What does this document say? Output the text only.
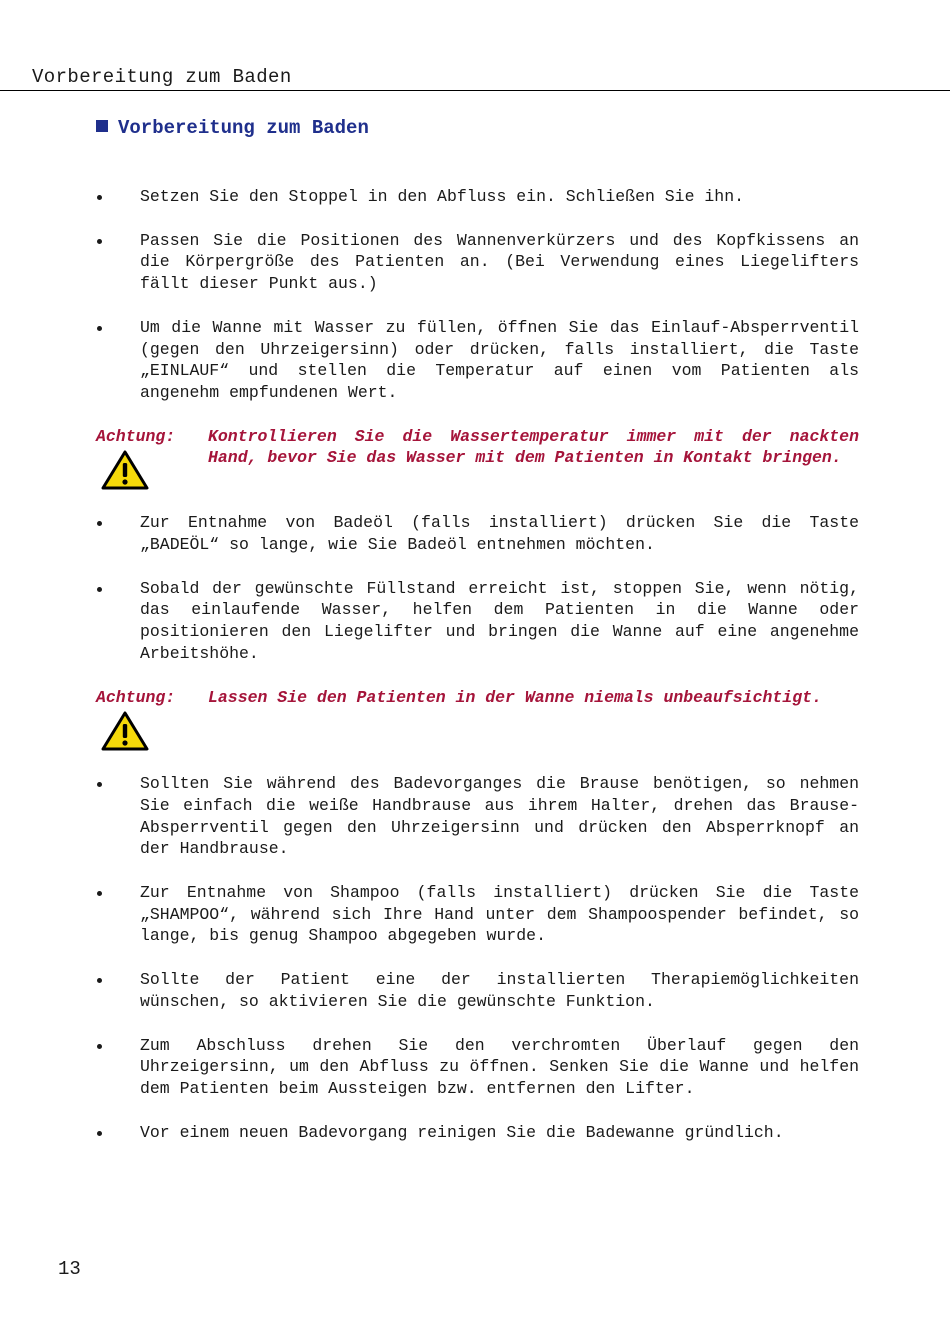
Vorbereitung zum Baden
Vorbereitung zum Baden
Setzen Sie den Stoppel in den Abfluss ein. Schließen Sie ihn.
Passen Sie die Positionen des Wannenverkürzers und des Kopfkissens an die Körpergröße des Patienten an. (Bei Verwendung eines Liegelifters fällt dieser Punkt aus.)
Um die Wanne mit Wasser zu füllen, öffnen Sie das Einlauf-Absperrventil (gegen den Uhrzeigersinn) oder drücken, falls installiert, die Taste „EINLAUF“ und stellen die Temperatur auf einen vom Patienten als angenehm empfundenen Wert.
Achtung:	Kontrollieren Sie die Wassertemperatur immer mit der nackten Hand, bevor Sie das Wasser mit dem Patienten in Kontakt bringen.
Zur Entnahme von Badeöl (falls installiert) drücken Sie die Taste „BADEÖL“ so lange, wie Sie Badeöl entnehmen möchten.
Sobald der gewünschte Füllstand erreicht ist, stoppen Sie, wenn nötig, das einlaufende Wasser, helfen dem Patienten in die Wanne oder positionieren den Liegelifter und bringen die Wanne auf eine angenehme Arbeitshöhe.
Achtung:	Lassen Sie den Patienten in der Wanne niemals unbeaufsichtigt.
Sollten Sie während des Badevorganges die Brause benötigen, so nehmen Sie einfach die weiße Handbrause aus ihrem Halter, drehen das Brause-Absperrventil gegen den Uhrzeigersinn und drücken den Absperrknopf an der Handbrause.
Zur Entnahme von Shampoo (falls installiert) drücken Sie die Taste „SHAMPOO“, während sich Ihre Hand unter dem Shampoospender befindet, so lange, bis genug Shampoo abgegeben wurde.
Sollte der Patient eine der installierten Therapiemöglichkeiten wünschen, so aktivieren Sie die gewünschte Funktion.
Zum Abschluss drehen Sie den verchromten Überlauf gegen den Uhrzeigersinn, um den Abfluss zu öffnen. Senken Sie die Wanne und helfen dem Patienten beim Aussteigen bzw. entfernen den Lifter.
Vor einem neuen Badevorgang reinigen Sie die Badewanne gründlich.
13
